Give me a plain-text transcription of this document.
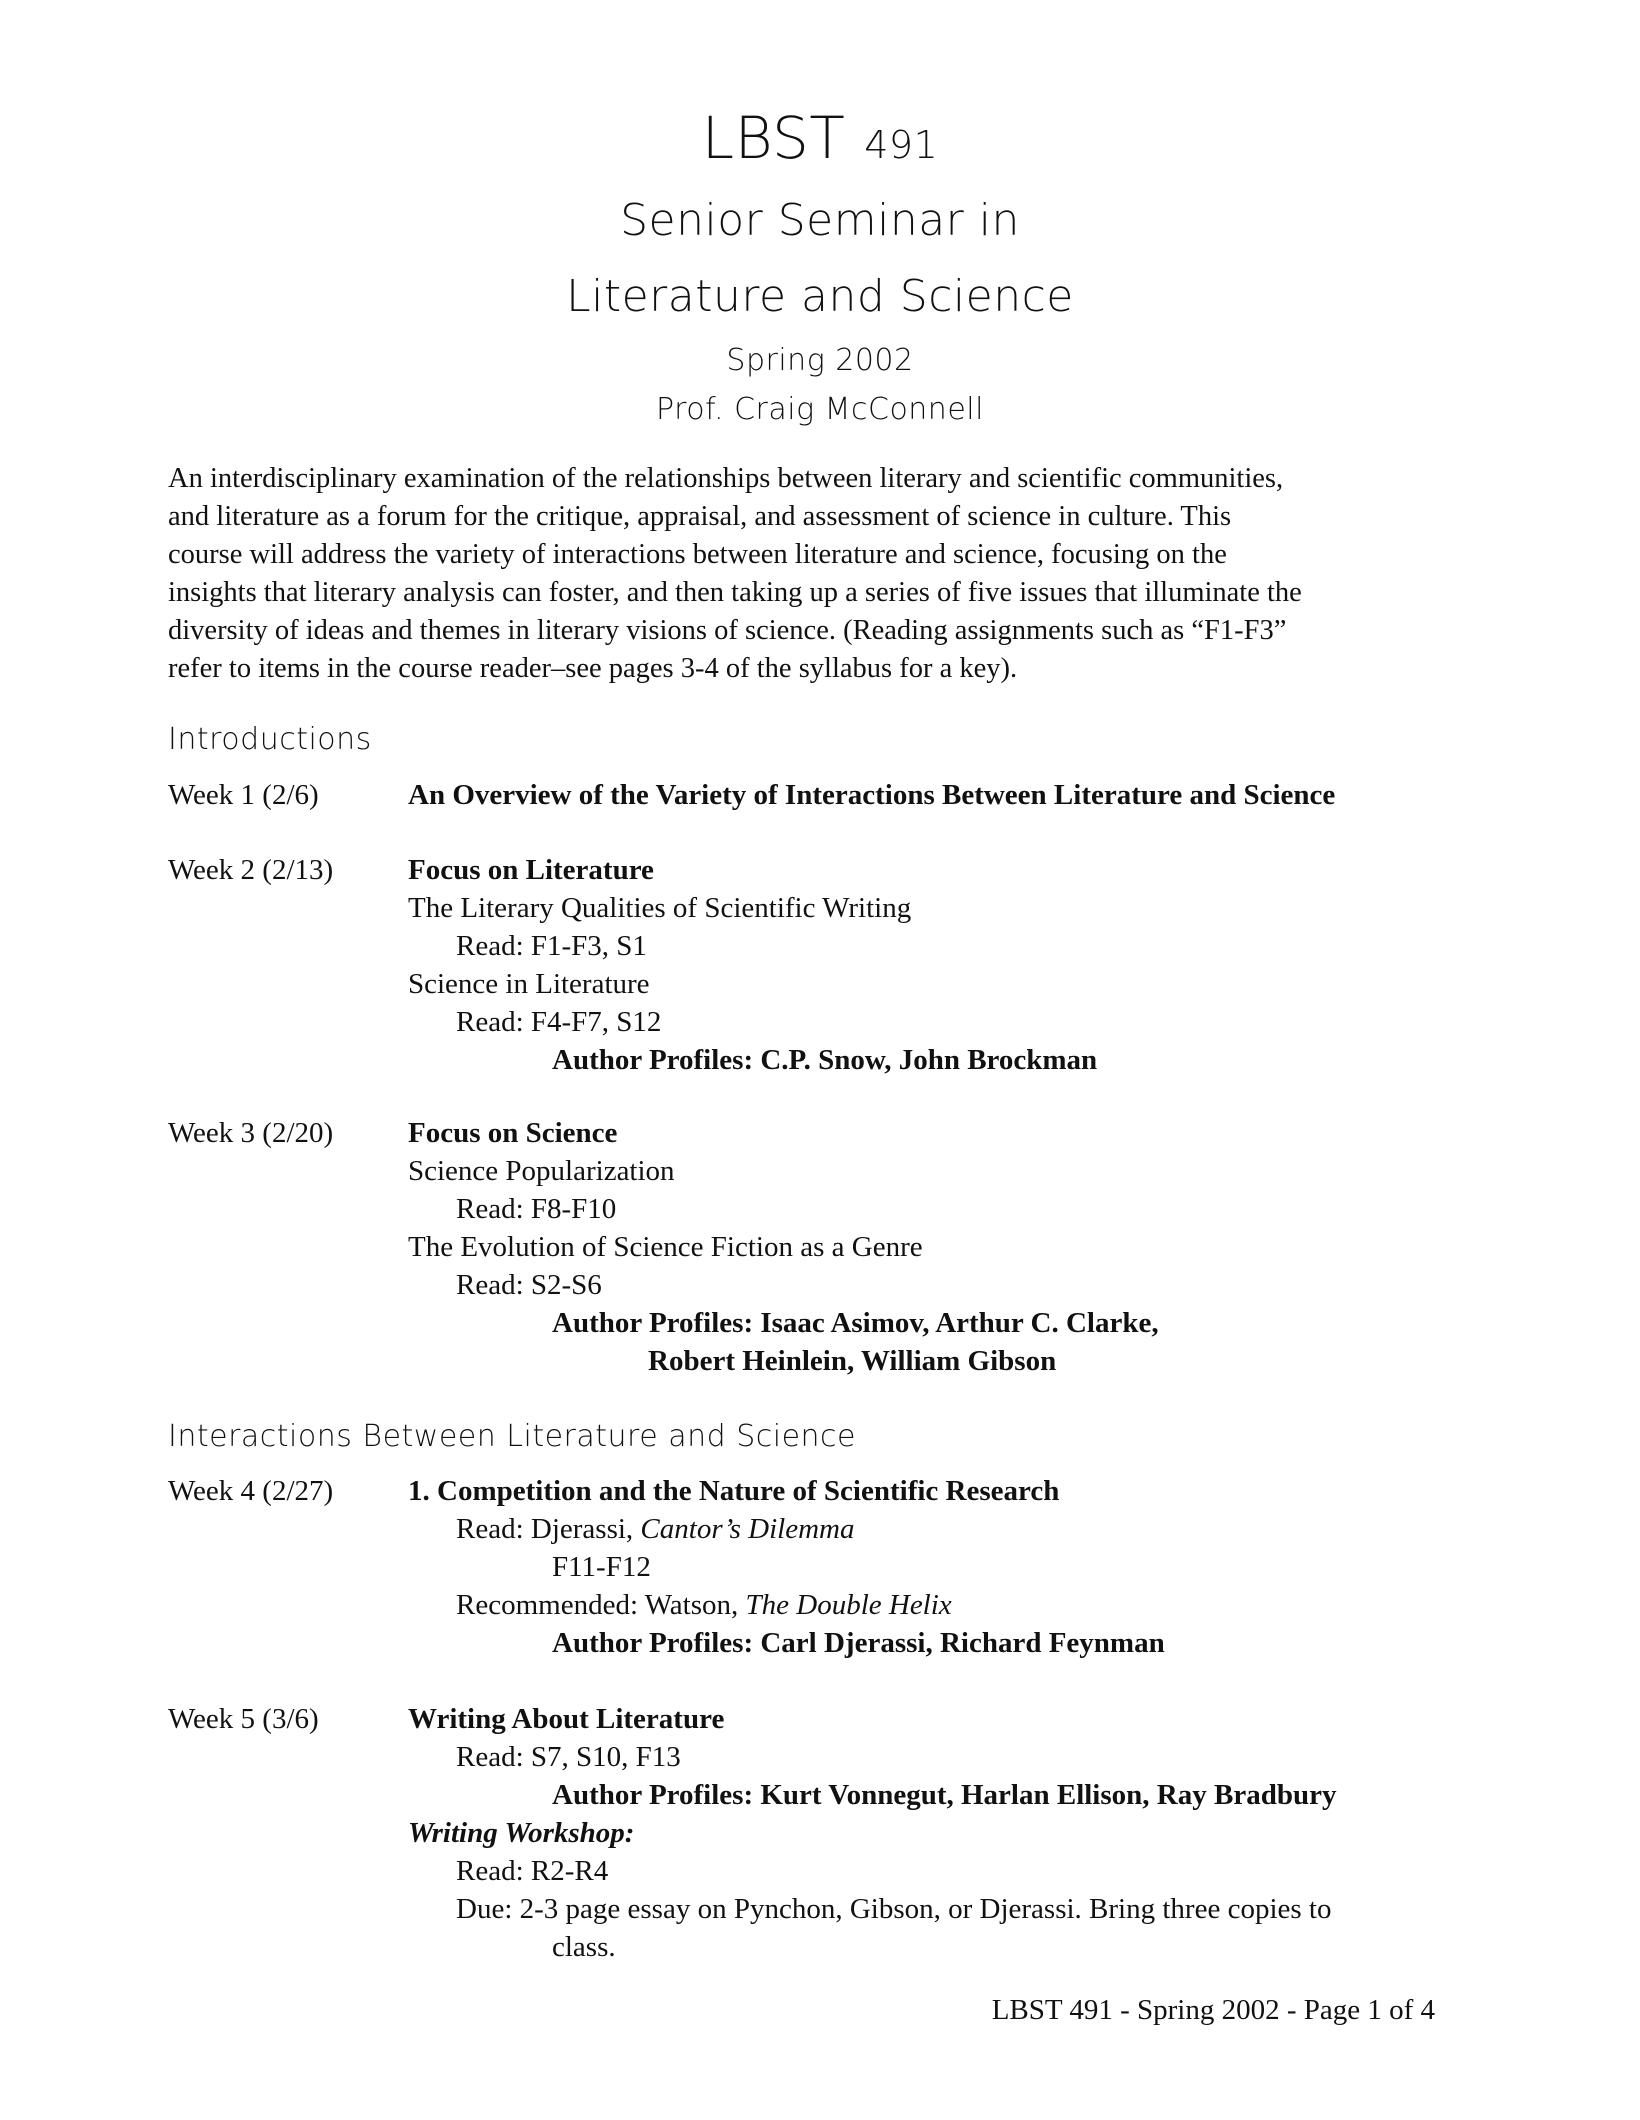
LBST 491
Senior Seminar in
Literature and Science
Spring 2002
Prof. Craig McConnell
An interdisciplinary examination of the relationships between literary and scientific communities,
and literature as a forum for the critique, appraisal, and assessment of science in culture. This
course will address the variety of interactions between literature and science, focusing on the
insights that literary analysis can foster, and then taking up a series of five issues that illuminate the
diversity of ideas and themes in literary visions of science. (Reading assignments such as “F1-F3”
refer to items in the course reader–see pages 3-4 of the syllabus for a key).
Introductions
Week 1 (2/6)	An Overview of the Variety of Interactions Between Literature and Science
Week 2 (2/13)	Focus on Literature
The Literary Qualities of Scientific Writing
Read: F1-F3, S1
Science in Literature
Read: F4-F7, S12
Author Profiles: C.P. Snow, John Brockman
Week 3 (2/20)	Focus on Science
Science Popularization
Read: F8-F10
The Evolution of Science Fiction as a Genre
Read: S2-S6
Author Profiles: Isaac Asimov, Arthur C. Clarke,
Robert Heinlein, William Gibson
Interactions Between Literature and Science
Week 4 (2/27)	1. Competition and the Nature of Scientific Research
Read: Djerassi, Cantor’s Dilemma
F11-F12
Recommended: Watson, The Double Helix
Author Profiles: Carl Djerassi, Richard Feynman
Week 5 (3/6)	Writing About Literature
Read: S7, S10, F13
Author Profiles: Kurt Vonnegut, Harlan Ellison, Ray Bradbury
Writing Workshop:
Read: R2-R4
Due: 2-3 page essay on Pynchon, Gibson, or Djerassi. Bring three copies to
class.
LBST 491 - Spring 2002 - Page 1 of 4
